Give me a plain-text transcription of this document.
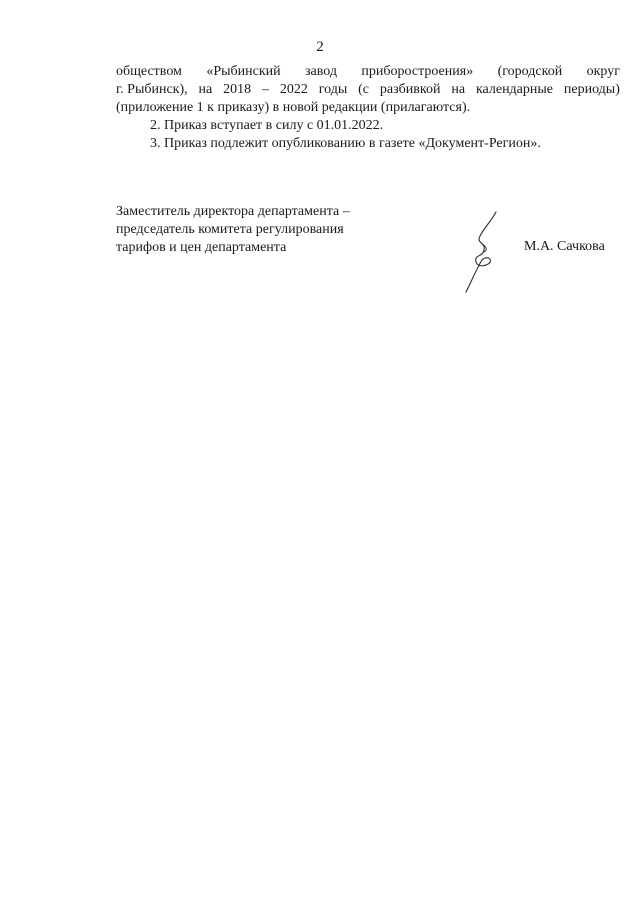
2
обществом «Рыбинский завод приборостроения» (городской округ
г. Рыбинск), на 2018 – 2022 годы (с разбивкой на календарные периоды)
(приложение 1 к приказу) в новой редакции (прилагаются).
2. Приказ вступает в силу с 01.01.2022.
3. Приказ подлежит опубликованию в газете «Документ-Регион».
Заместитель директора департамента –
председатель комитета регулирования
тарифов и цен департамента	М.А. Сачкова
